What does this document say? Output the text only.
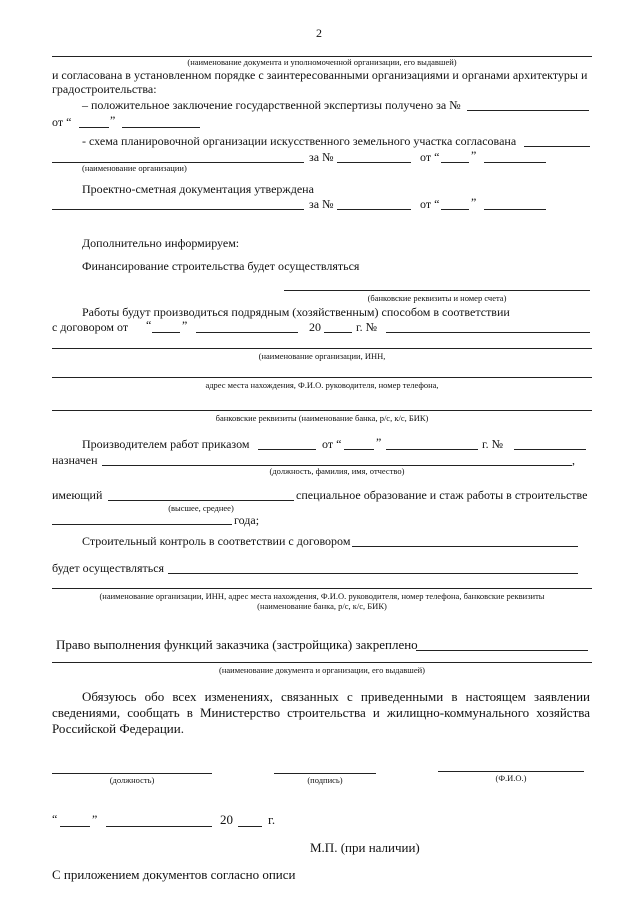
2
(наименование документа и уполномоченной организации, его выдавшей)
и согласована в установленном порядке с заинтересованными организациями и органами архитектуры и
градостроительства:
– положительное заключение государственной экспертизы получено за №
от “	”
- схема планировочной организации искусственного земельного участка согласована
за №	от “	”
(наименование организации)
Проектно-сметная документация утверждена
за №	от “	”
Дополнительно информируем:
Финансирование строительства будет осуществляться
(банковские реквизиты и номер счета)
Работы будут производиться подрядным (хозяйственным) способом в соответствии
с договором от “	”	20	г. №
(наименование организации, ИНН,
адрес места нахождения, Ф.И.О. руководителя, номер телефона,
банковские реквизиты (наименование банка, р/с, к/с, БИК)
Производителем работ приказом	от “	”	г. №
назначен	,
(должность, фамилия, имя, отчество)
имеющий	специальное образование и стаж работы в строительстве
(высшее, среднее)
года;
Строительный контроль в соответствии с договором
будет осуществляться
(наименование организации, ИНН, адрес места нахождения, Ф.И.О. руководителя, номер телефона, банковские реквизиты
(наименование банка, р/с, к/с, БИК)
Право выполнения функций заказчика (застройщика) закреплено
(наименование документа и организации, его выдавшей)
Обязуюсь обо всех изменениях, связанных с приведенными в настоящем заявлении сведениями, сообщать в Министерство строительства и жилищно-коммунального хозяйства Российской Федерации.
(должность)	(подпись)	(Ф.И.О.)
“	”	20	г.
М.П. (при наличии)
С приложением документов согласно описи
